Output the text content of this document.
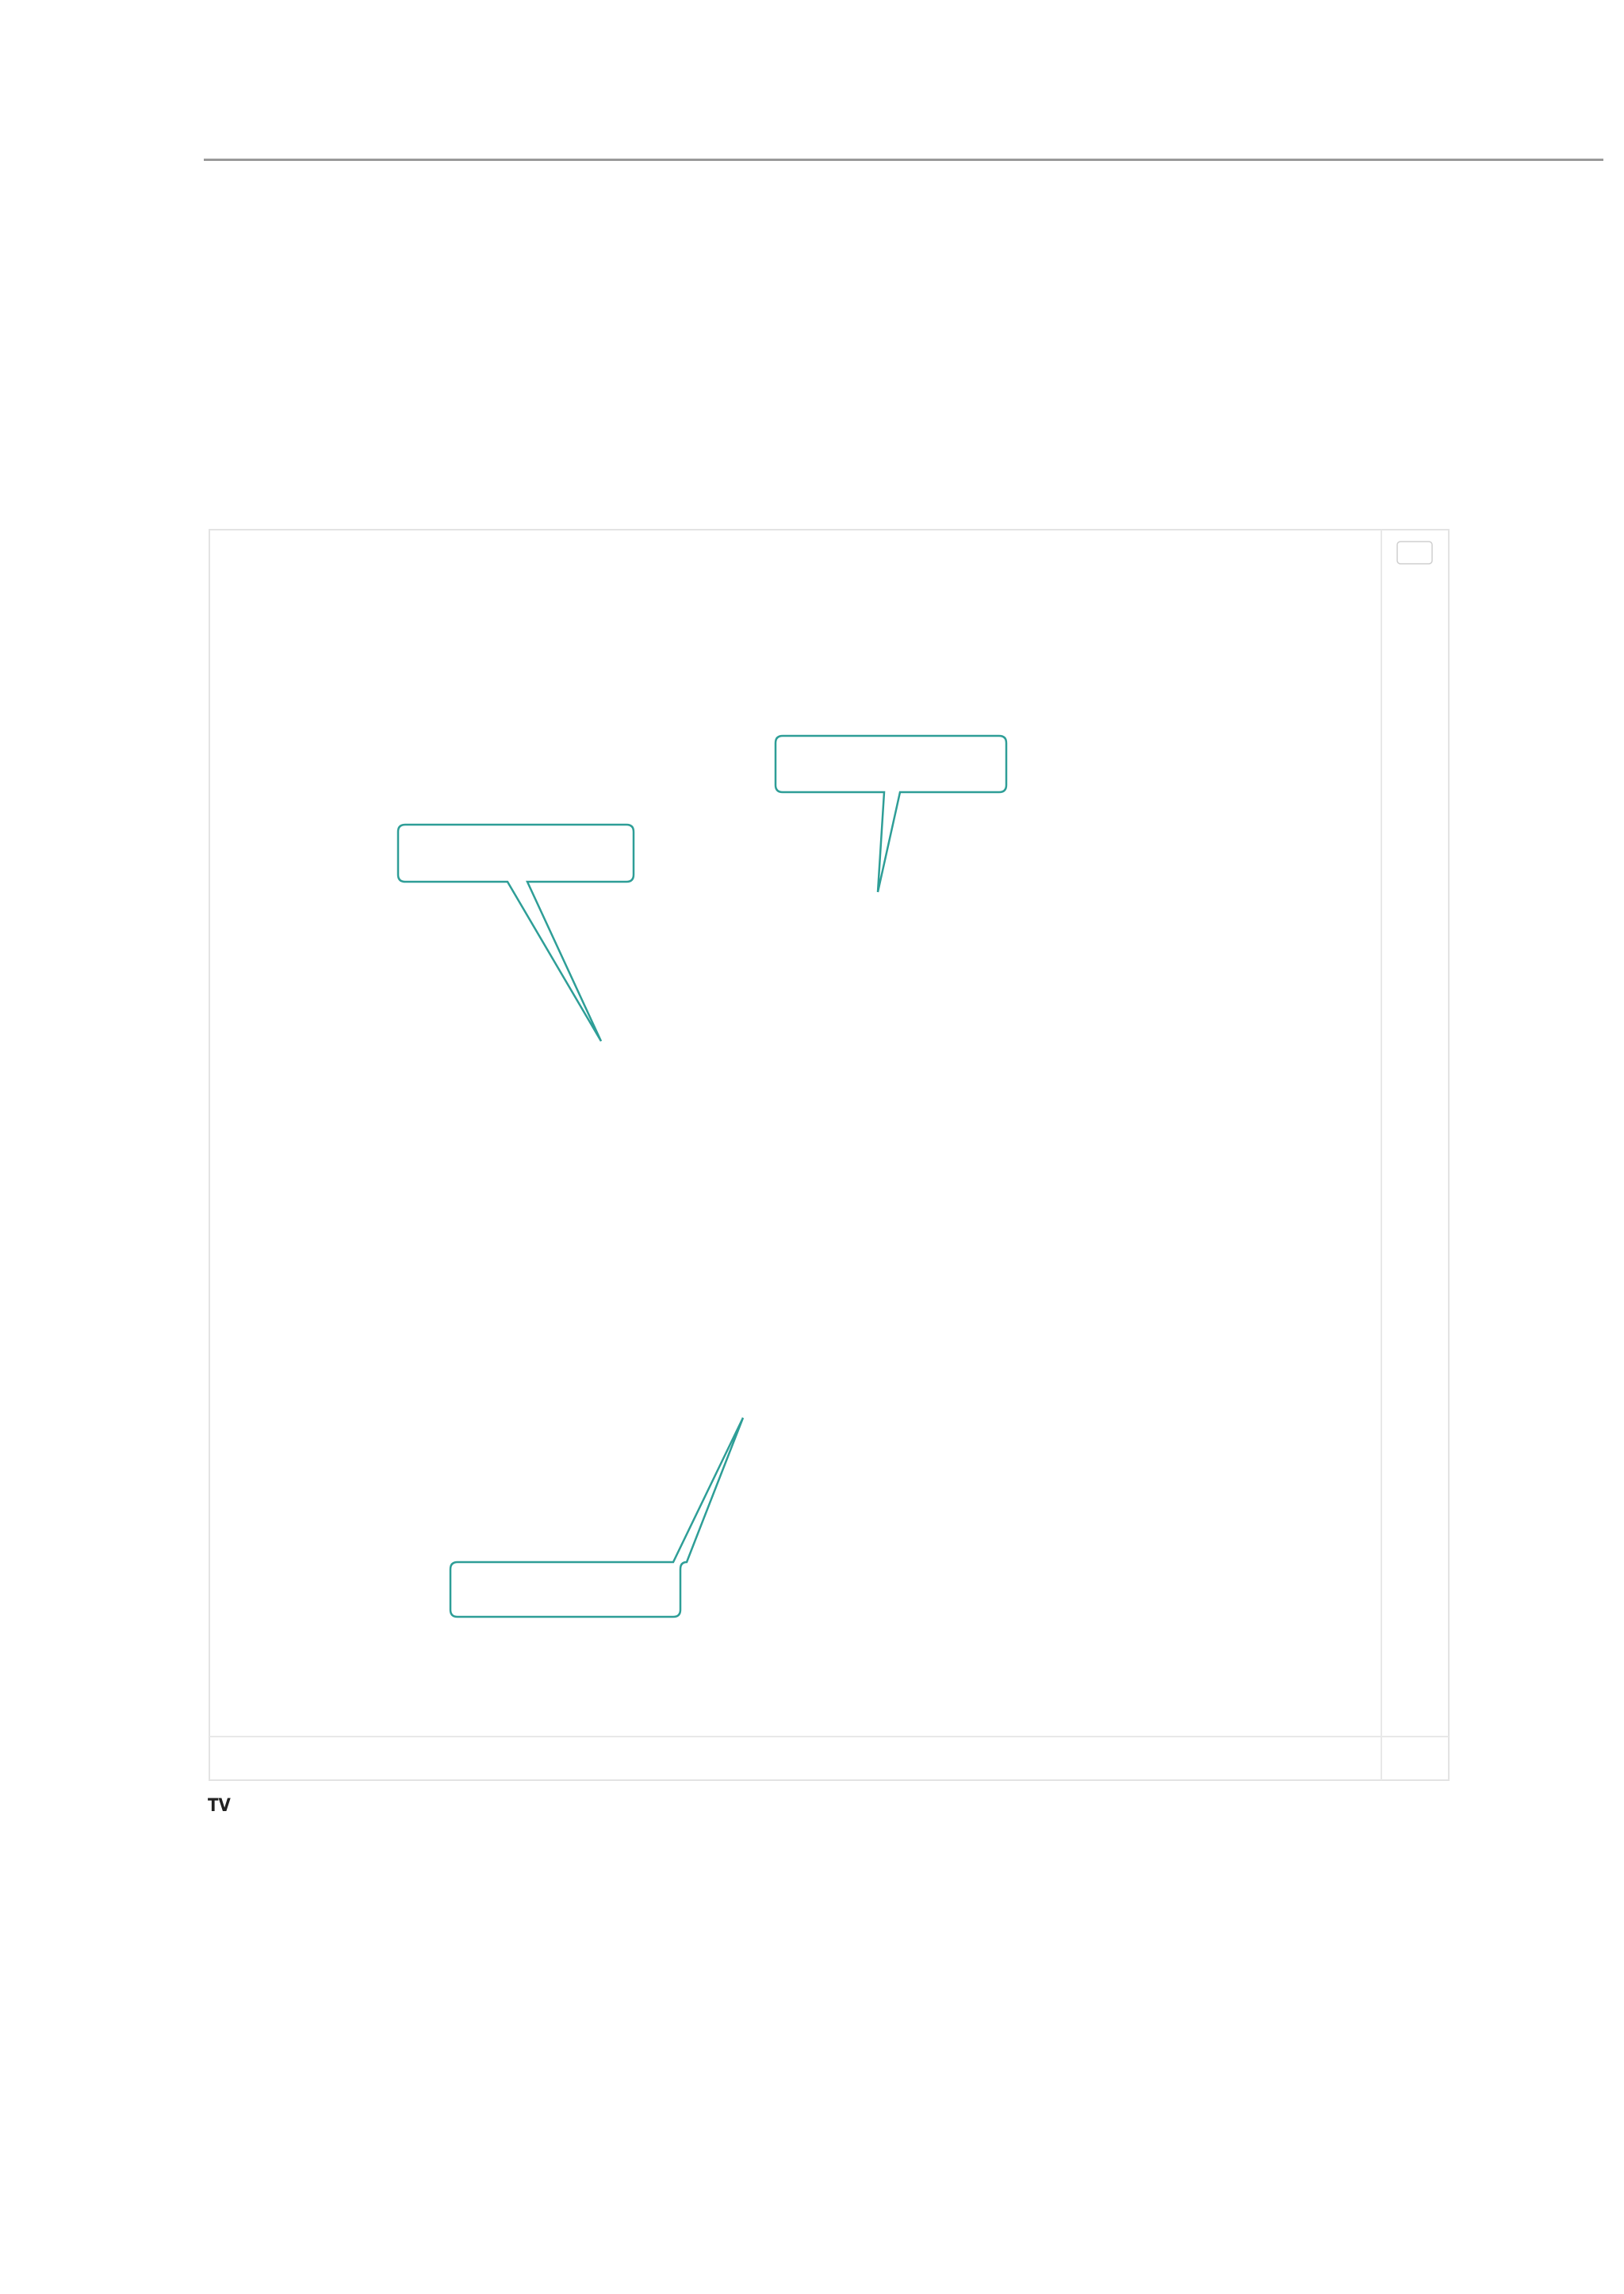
TV
